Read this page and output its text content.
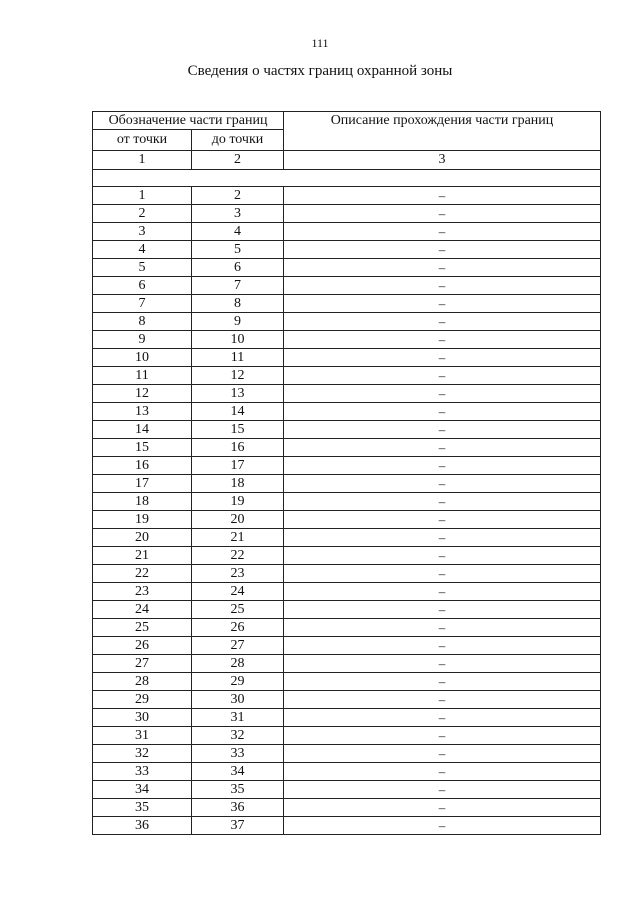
111
Сведения о частях границ охранной зоны
Обозначение части границ		Описание прохождения части границ
от точки	до точки	
1	2	3

1	2	–
2	3	–
3	4	–
4	5	–
5	6	–
6	7	–
7	8	–
8	9	–
9	10	–
10	11	–
11	12	–
12	13	–
13	14	–
14	15	–
15	16	–
16	17	–
17	18	–
18	19	–
19	20	–
20	21	–
21	22	–
22	23	–
23	24	–
24	25	–
25	26	–
26	27	–
27	28	–
28	29	–
29	30	–
30	31	–
31	32	–
32	33	–
33	34	–
34	35	–
35	36	–
36	37	–
